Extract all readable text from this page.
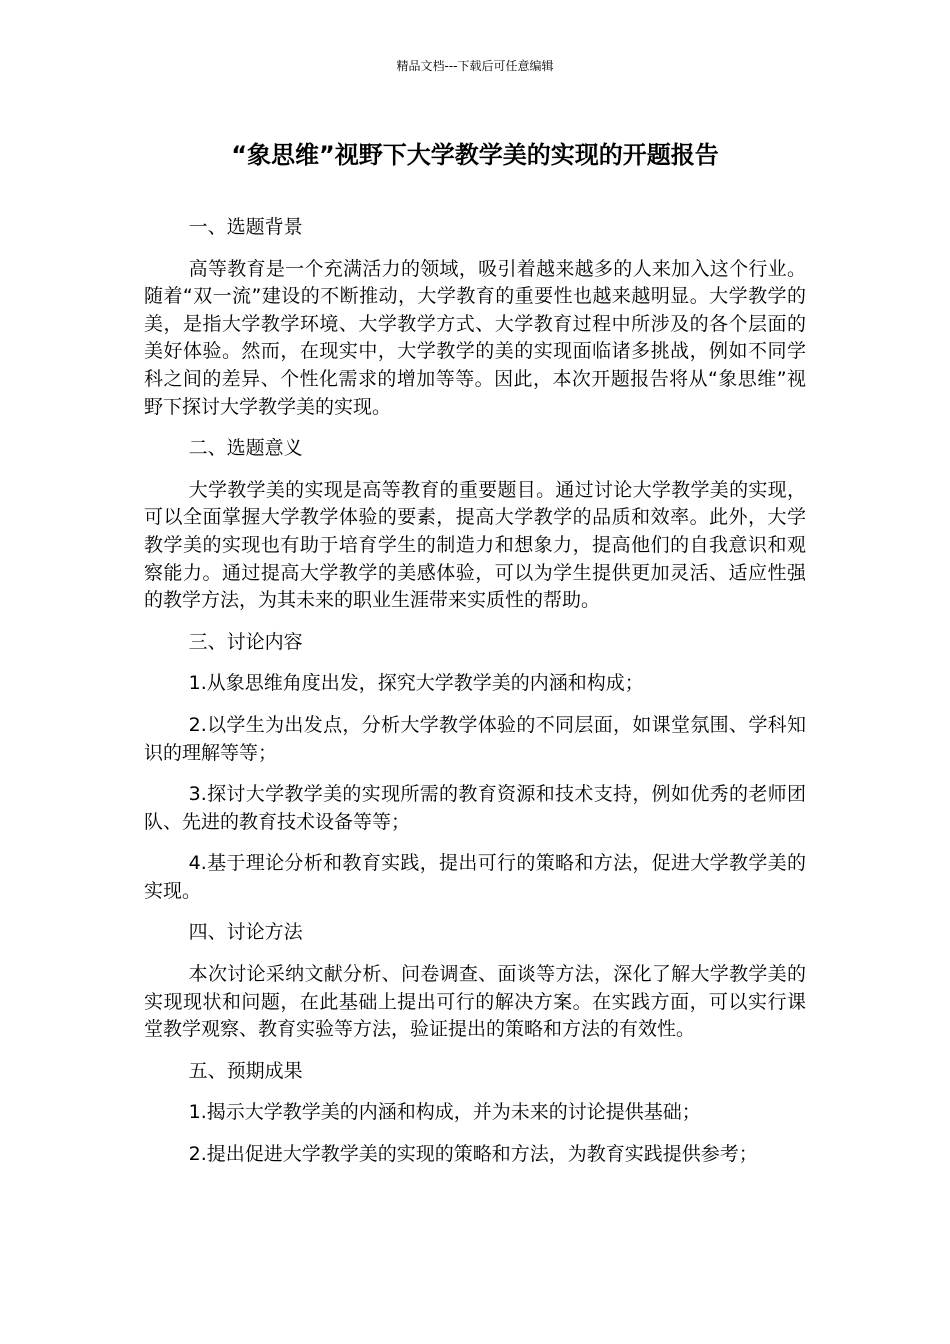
精品文档---下载后可任意编辑
“象思维”视野下大学教学美的实现的开题报告

一、选题背景

高等教育是一个充满活力的领域，吸引着越来越多的人来加入这个行业。随着“双一流”建设的不断推动，大学教育的重要性也越来越明显。大学教学的美，是指大学教学环境、大学教学方式、大学教育过程中所涉及的各个层面的美好体验。然而，在现实中，大学教学的美的实现面临诸多挑战，例如不同学科之间的差异、个性化需求的增加等等。因此，本次开题报告将从“象思维”视野下探讨大学教学美的实现。

二、选题意义

大学教学美的实现是高等教育的重要题目。通过讨论大学教学美的实现，可以全面掌握大学教学体验的要素，提高大学教学的品质和效率。此外，大学教学美的实现也有助于培育学生的制造力和想象力，提高他们的自我意识和观察能力。通过提高大学教学的美感体验，可以为学生提供更加灵活、适应性强的教学方法，为其未来的职业生涯带来实质性的帮助。

三、讨论内容

1.从象思维角度出发，探究大学教学美的内涵和构成；

2.以学生为出发点，分析大学教学体验的不同层面，如课堂氛围、学科知识的理解等等；

3.探讨大学教学美的实现所需的教育资源和技术支持，例如优秀的老师团队、先进的教育技术设备等等；

4.基于理论分析和教育实践，提出可行的策略和方法，促进大学教学美的实现。

四、讨论方法

本次讨论采纳文献分析、问卷调查、面谈等方法，深化了解大学教学美的实现现状和问题，在此基础上提出可行的解决方案。在实践方面，可以实行课堂教学观察、教育实验等方法，验证提出的策略和方法的有效性。

五、预期成果

1.揭示大学教学美的内涵和构成，并为未来的讨论提供基础；

2.提出促进大学教学美的实现的策略和方法，为教育实践提供参考；
